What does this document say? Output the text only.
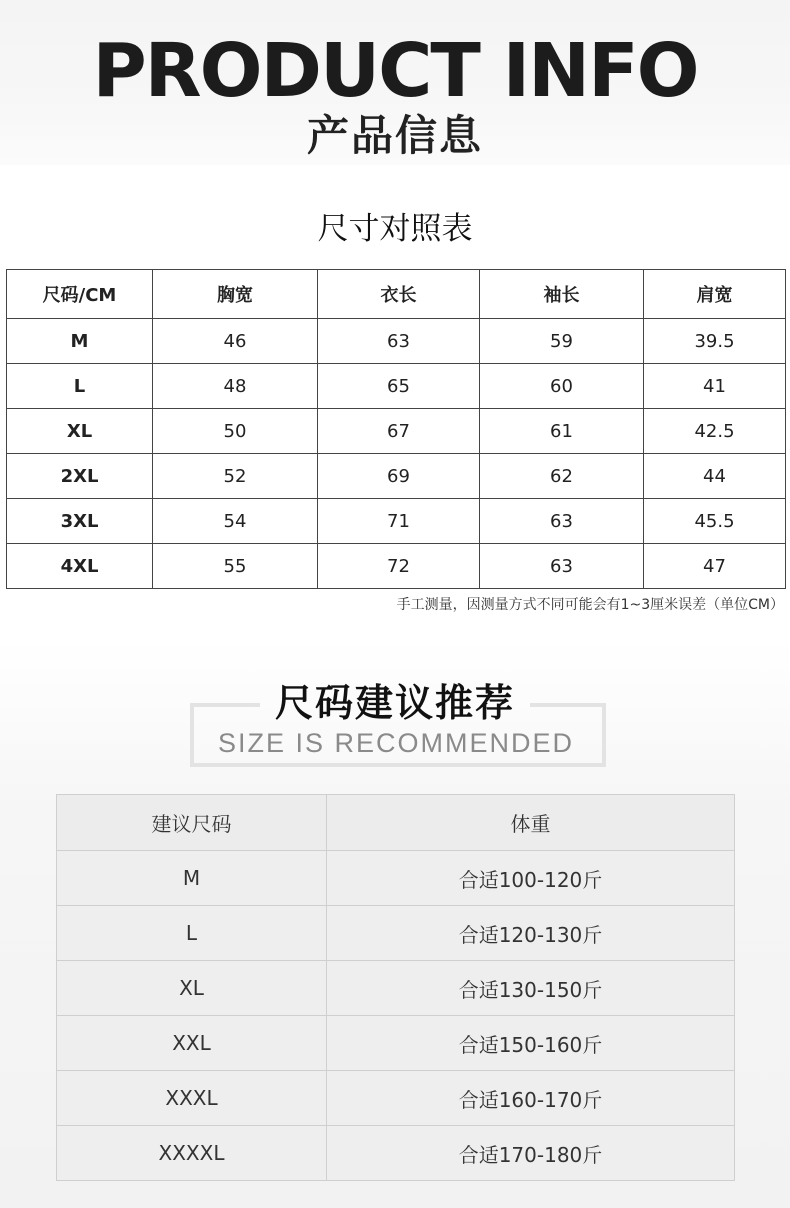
PRODUCT INFO
产品信息
尺寸对照表
尺码/CM	胸宽	衣长	袖长	肩宽
M	46	63	59	39.5
L	48	65	60	41
XL	50	67	61	42.5
2XL	52	69	62	44
3XL	54	71	63	45.5
4XL	55	72	63	47
手工测量，因测量方式不同可能会有1~3厘米误差（单位CM）
尺码建议推荐
SIZE IS RECOMMENDED
建议尺码	体重
M	合适100-120斤
L	合适120-130斤
XL	合适130-150斤
XXL	合适150-160斤
XXXL	合适160-170斤
XXXXL	合适170-180斤
